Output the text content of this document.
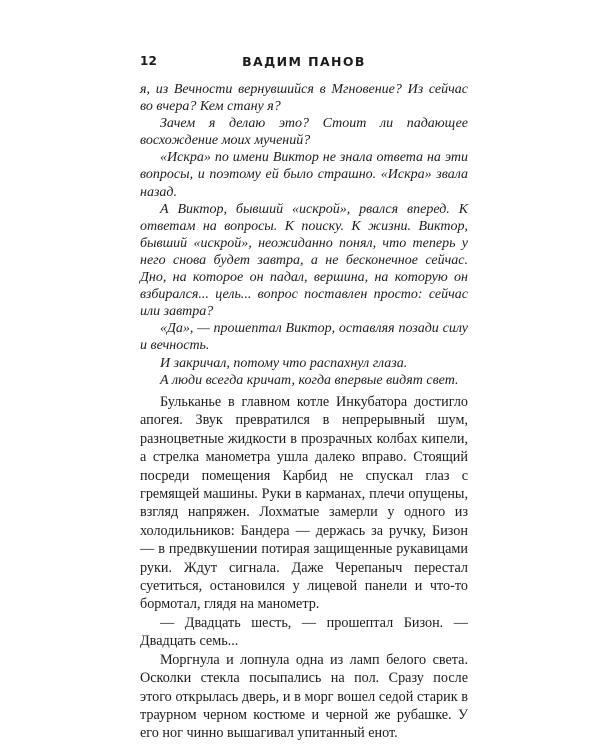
12	ВАДИМ ПАНОВ

я, из Вечности вернувшийся в Мгновение? Из сейчас во вчера? Кем стану я?

Зачем я делаю это? Стоит ли падающее восхождение моих мучений?

«Искра» по имени Виктор не знала ответа на эти вопросы, и поэтому ей было страшно. «Искра» звала назад.

А Виктор, бывший «искрой», рвался вперед. К ответам на вопросы. К поиску. К жизни. Виктор, бывший «искрой», неожиданно понял, что теперь у него снова будет завтра, а не бесконечное сейчас. Дно, на которое он падал, вершина, на которую он взбирался... цель... вопрос поставлен просто: сейчас или завтра?

«Да», — прошептал Виктор, оставляя позади силу и вечность.

И закричал, потому что распахнул глаза.

А люди всегда кричат, когда впервые видят свет.

Бульканье в главном котле Инкубатора достигло апогея. Звук превратился в непрерывный шум, разноцветные жидкости в прозрачных колбах кипели, а стрелка манометра ушла далеко вправо. Стоящий посреди помещения Карбид не спускал глаз с гремящей машины. Руки в карманах, плечи опущены, взгляд напряжен. Лохматые замерли у одного из холодильников: Бандера — держась за ручку, Бизон — в предвкушении потирая защищенные рукавицами руки. Ждут сигнала. Даже Черепаныч перестал суетиться, остановился у лицевой панели и что-то бормотал, глядя на манометр.

— Двадцать шесть, — прошептал Бизон. — Двадцать семь...

Моргнула и лопнула одна из ламп белого света. Осколки стекла посыпались на пол. Сразу после этого открылась дверь, и в морг вошел седой старик в траурном черном костюме и черной же рубашке. У его ног чинно вышагивал упитанный енот.
